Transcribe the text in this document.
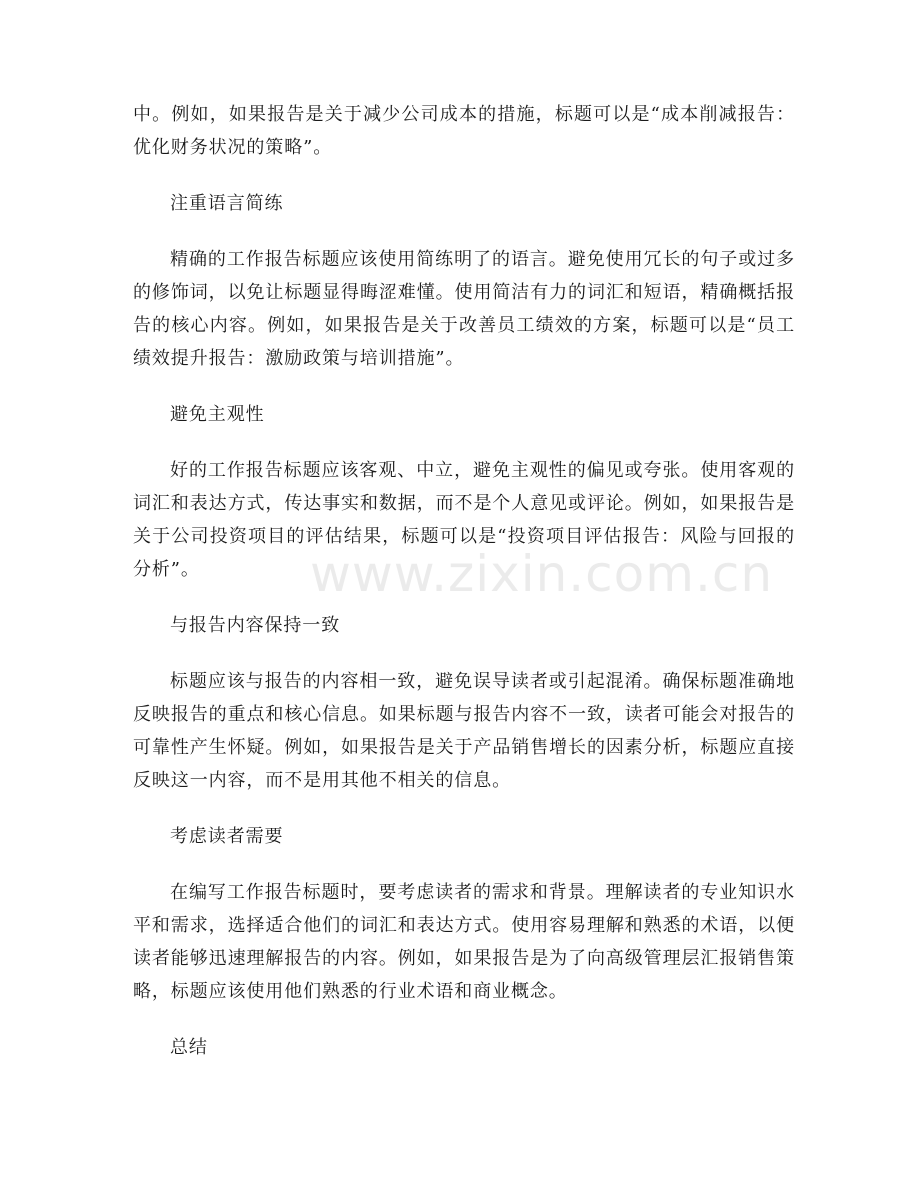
中。例如，如果报告是关于减少公司成本的措施，标题可以是“成本削减报告：优化财务状况的策略”。

注重语言简练

精确的工作报告标题应该使用简练明了的语言。避免使用冗长的句子或过多的修饰词，以免让标题显得晦涩难懂。使用简洁有力的词汇和短语，精确概括报告的核心内容。例如，如果报告是关于改善员工绩效的方案，标题可以是“员工绩效提升报告：激励政策与培训措施”。

避免主观性

好的工作报告标题应该客观、中立，避免主观性的偏见或夸张。使用客观的词汇和表达方式，传达事实和数据，而不是个人意见或评论。例如，如果报告是关于公司投资项目的评估结果，标题可以是“投资项目评估报告：风险与回报的分析”。

与报告内容保持一致

标题应该与报告的内容相一致，避免误导读者或引起混淆。确保标题准确地反映报告的重点和核心信息。如果标题与报告内容不一致，读者可能会对报告的可靠性产生怀疑。例如，如果报告是关于产品销售增长的因素分析，标题应直接反映这一内容，而不是用其他不相关的信息。

考虑读者需要

在编写工作报告标题时，要考虑读者的需求和背景。理解读者的专业知识水平和需求，选择适合他们的词汇和表达方式。使用容易理解和熟悉的术语，以便读者能够迅速理解报告的内容。例如，如果报告是为了向高级管理层汇报销售策略，标题应该使用他们熟悉的行业术语和商业概念。

总结

www.zixin.com.cn
